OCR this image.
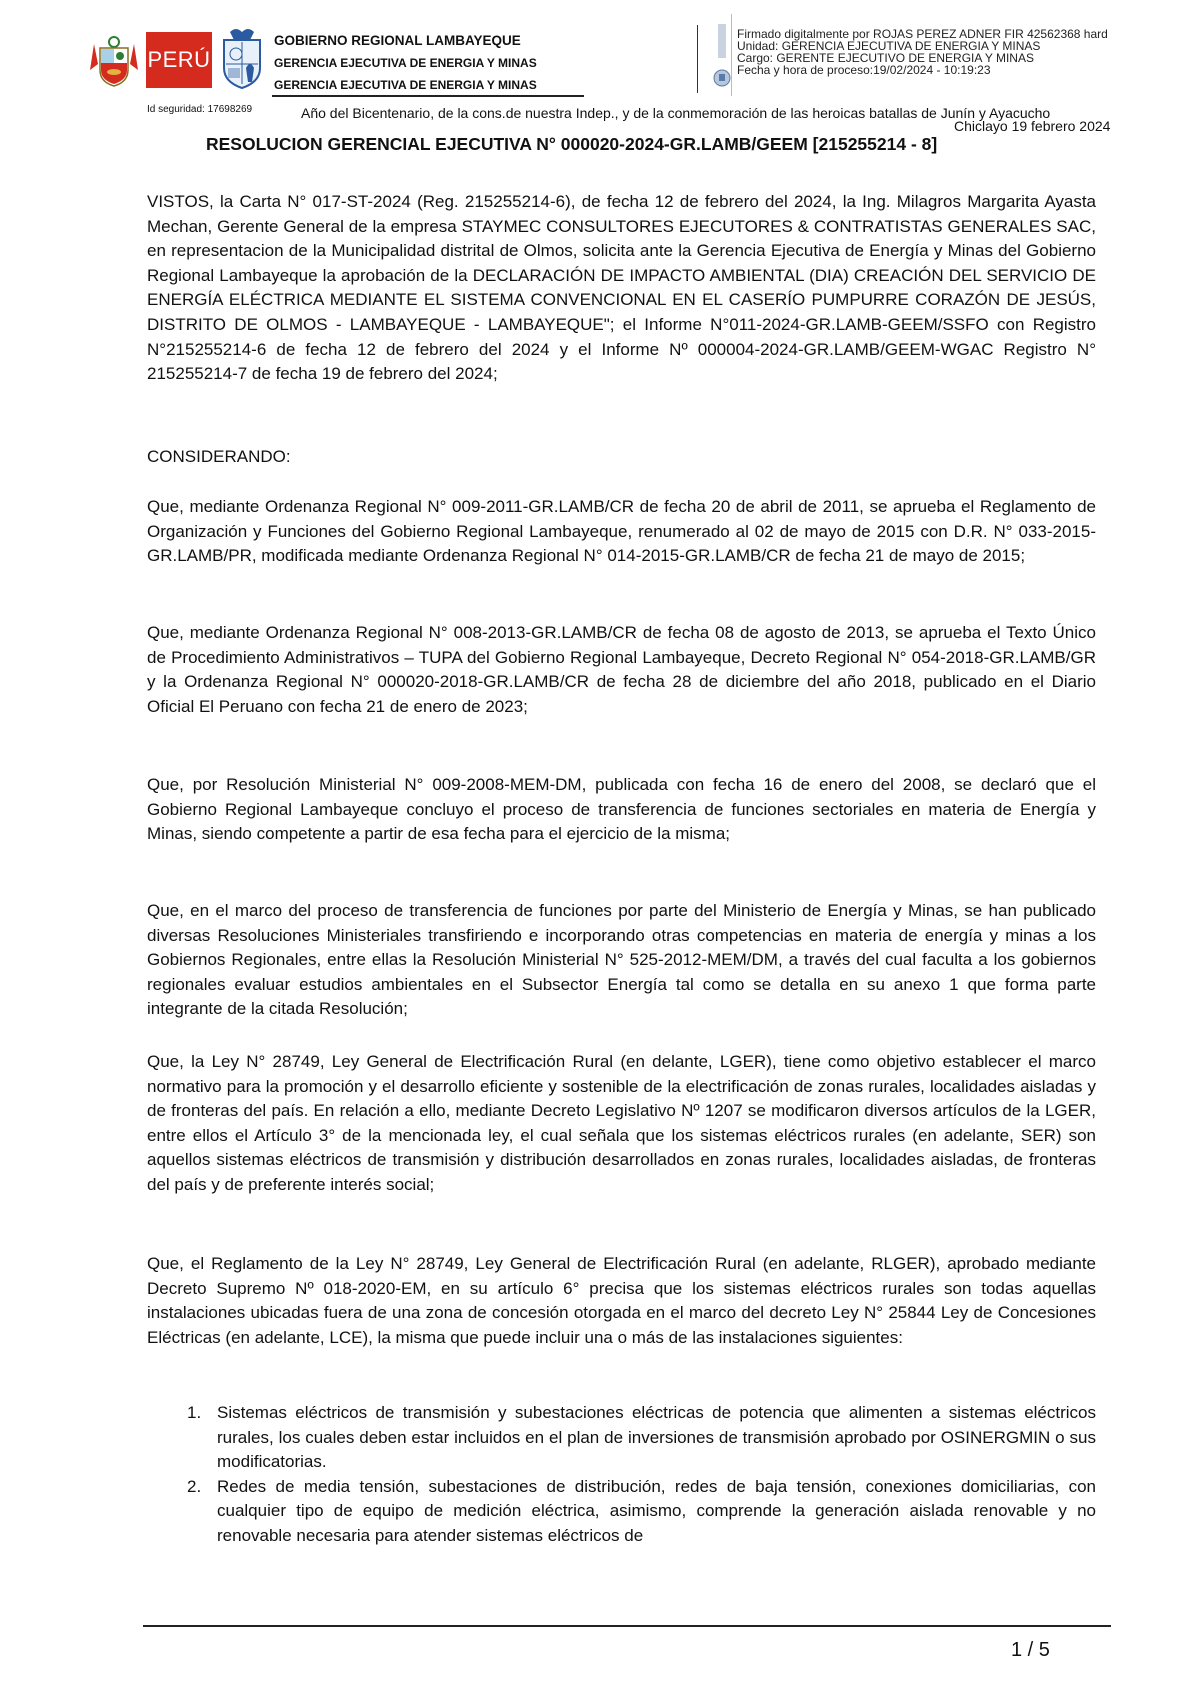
PERÚ
GOBIERNO REGIONAL LAMBAYEQUE
GERENCIA EJECUTIVA DE ENERGIA Y MINAS
GERENCIA EJECUTIVA DE ENERGIA Y MINAS
Firmado digitalmente por ROJAS PEREZ ADNER FIR 42562368 hard
Unidad: GERENCIA EJECUTIVA DE ENERGIA Y MINAS
Cargo: GERENTE EJECUTIVO DE ENERGIA Y MINAS
Fecha y hora de proceso:19/02/2024 - 10:19:23
Id seguridad: 17698269	Año del Bicentenario, de la cons.de nuestra Indep., y de la conmemoración de las heroicas batallas de Junín y Ayacucho
Chiclayo 19 febrero 2024
RESOLUCION GERENCIAL EJECUTIVA N° 000020-2024-GR.LAMB/GEEM [215255214 - 8]
VISTOS, la Carta N° 017-ST-2024 (Reg. 215255214-6), de fecha 12 de febrero del 2024, la Ing. Milagros Margarita Ayasta Mechan, Gerente General de la empresa STAYMEC CONSULTORES EJECUTORES & CONTRATISTAS GENERALES SAC, en representacion de la Municipalidad distrital de Olmos, solicita ante la Gerencia Ejecutiva de Energía y Minas del Gobierno Regional Lambayeque la aprobación de la DECLARACIÓN DE IMPACTO AMBIENTAL (DIA) CREACIÓN DEL SERVICIO DE ENERGÍA ELÉCTRICA MEDIANTE EL SISTEMA CONVENCIONAL EN EL CASERÍO PUMPURRE CORAZÓN DE JESÚS, DISTRITO DE OLMOS - LAMBAYEQUE - LAMBAYEQUE"; el Informe N°011-2024-GR.LAMB-GEEM/SSFO con Registro N°215255214-6 de fecha 12 de febrero del 2024 y el Informe Nº 000004-2024-GR.LAMB/GEEM-WGAC Registro N° 215255214-7 de fecha 19 de febrero del 2024;
CONSIDERANDO:
Que, mediante Ordenanza Regional N° 009-2011-GR.LAMB/CR de fecha 20 de abril de 2011, se aprueba el Reglamento de Organización y Funciones del Gobierno Regional Lambayeque, renumerado al 02 de mayo de 2015 con D.R. N° 033-2015-GR.LAMB/PR, modificada mediante Ordenanza Regional N° 014-2015-GR.LAMB/CR de fecha 21 de mayo de 2015;
Que, mediante Ordenanza Regional N° 008-2013-GR.LAMB/CR de fecha 08 de agosto de 2013, se aprueba el Texto Único de Procedimiento Administrativos – TUPA del Gobierno Regional Lambayeque, Decreto Regional N° 054-2018-GR.LAMB/GR y la Ordenanza Regional N° 000020-2018-GR.LAMB/CR de fecha 28 de diciembre del año 2018, publicado en el Diario Oficial El Peruano con fecha 21 de enero de 2023;
Que, por Resolución Ministerial N° 009-2008-MEM-DM, publicada con fecha 16 de enero del 2008, se declaró que el Gobierno Regional Lambayeque concluyo el proceso de transferencia de funciones sectoriales en materia de Energía y Minas, siendo competente a partir de esa fecha para el ejercicio de la misma;
Que, en el marco del proceso de transferencia de funciones por parte del Ministerio de Energía y Minas, se han publicado diversas Resoluciones Ministeriales transfiriendo e incorporando otras competencias en materia de energía y minas a los Gobiernos Regionales, entre ellas la Resolución Ministerial N° 525-2012-MEM/DM, a través del cual faculta a los gobiernos regionales evaluar estudios ambientales en el Subsector Energía tal como se detalla en su anexo 1 que forma parte integrante de la citada Resolución;
Que, la Ley N° 28749, Ley General de Electrificación Rural (en delante, LGER), tiene como objetivo establecer el marco normativo para la promoción y el desarrollo eficiente y sostenible de la electrificación de zonas rurales, localidades aisladas y de fronteras del país. En relación a ello, mediante Decreto Legislativo Nº 1207 se modificaron diversos artículos de la LGER, entre ellos el Artículo 3° de la mencionada ley, el cual señala que los sistemas eléctricos rurales (en adelante, SER) son aquellos sistemas eléctricos de transmisión y distribución desarrollados en zonas rurales, localidades aisladas, de fronteras del país y de preferente interés social;
Que, el Reglamento de la Ley N° 28749, Ley General de Electrificación Rural (en adelante, RLGER), aprobado mediante Decreto Supremo Nº 018-2020-EM, en su artículo 6° precisa que los sistemas eléctricos rurales son todas aquellas instalaciones ubicadas fuera de una zona de concesión otorgada en el marco del decreto Ley N° 25844 Ley de Concesiones Eléctricas (en adelante, LCE), la misma que puede incluir una o más de las instalaciones siguientes:
1. Sistemas eléctricos de transmisión y subestaciones eléctricas de potencia que alimenten a sistemas eléctricos rurales, los cuales deben estar incluidos en el plan de inversiones de transmisión aprobado por OSINERGMIN o sus modificatorias.
2. Redes de media tensión, subestaciones de distribución, redes de baja tensión, conexiones domiciliarias, con cualquier tipo de equipo de medición eléctrica, asimismo, comprende la generación aislada renovable y no renovable necesaria para atender sistemas eléctricos de
1 / 5
